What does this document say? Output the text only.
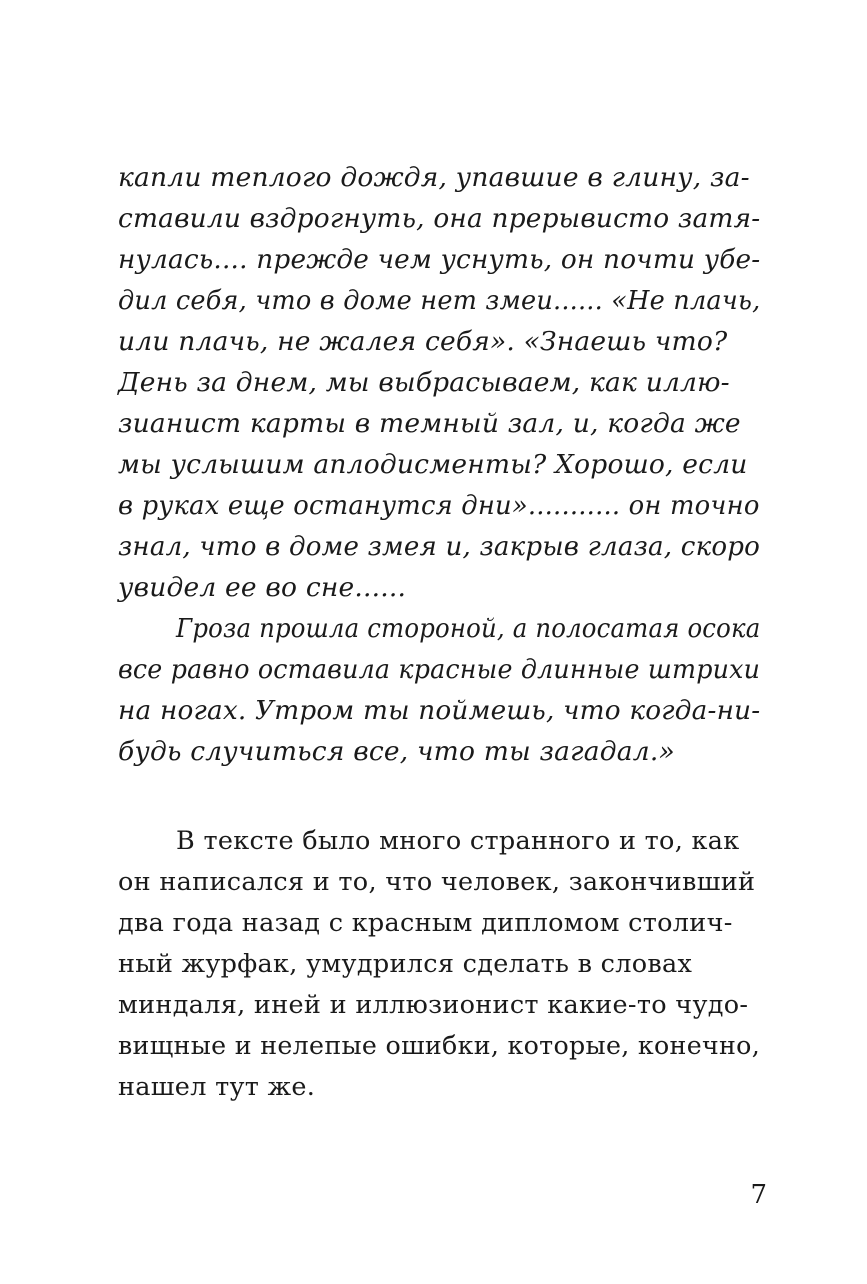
капли теплого дождя, упавшие в глину, за-
ставили вздрогнуть, она прерывисто затя-
нулась.... прежде чем уснуть, он почти убе-
дил себя, что в доме нет змеи...... «Не плачь,
или плачь, не жалея себя». «Знаешь что?
День за днем, мы выбрасываем, как иллю-
зианист карты в темный зал, и, когда же
мы услышим аплодисменты? Хорошо, если
в руках еще останутся дни»........... он точно
знал, что в доме змея и, закрыв глаза, скоро
увидел ее во сне......
Гроза прошла стороной, а полосатая осока
все равно оставила красные длинные штрихи
на ногах. Утром ты поймешь, что когда-ни-
будь случиться все, что ты загадал.»
В тексте было много странного и то, как
он написался и то, что человек, закончивший
два года назад с красным дипломом столич-
ный журфак, умудрился сделать в словах
миндаля, иней и иллюзионист какие-то чудо-
вищные и нелепые ошибки, которые, конечно,
нашел тут же.
7
